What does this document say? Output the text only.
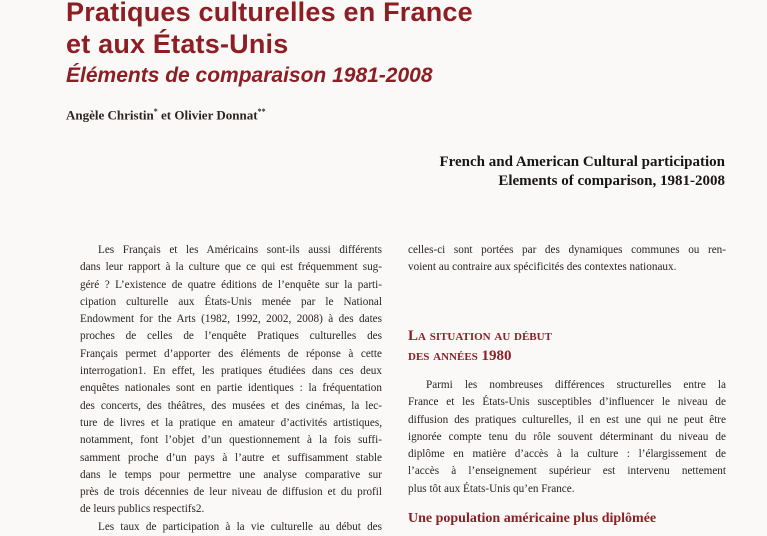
Pratiques culturelles en France
et aux États-Unis
Éléments de comparaison 1981-2008
Angèle Christin* et Olivier Donnat**
French and American Cultural participation
Elements of comparison, 1981-2008
Les Français et les Américains sont-ils aussi différents
dans leur rapport à la culture que ce qui est fréquemment sug-
géré ? L’existence de quatre éditions de l’enquête sur la parti-
cipation culturelle aux États-Unis menée par le National
Endowment for the Arts (1982, 1992, 2002, 2008) à des dates
proches de celles de l’enquête Pratiques culturelles des
Français permet d’apporter des éléments de réponse à cette
interrogation1. En effet, les pratiques étudiées dans ces deux
enquêtes nationales sont en partie identiques : la fréquentation
des concerts, des théâtres, des musées et des cinémas, la lec-
ture de livres et la pratique en amateur d’activités artistiques,
notamment, font l’objet d’un questionnement à la fois suffi-
samment proche d’un pays à l’autre et suffisamment stable
dans le temps pour permettre une analyse comparative sur
près de trois décennies de leur niveau de diffusion et du profil
de leurs publics respectifs2.
Les taux de participation à la vie culturelle au début des
celles-ci sont portées par des dynamiques communes ou ren-
voient au contraire aux spécificités des contextes nationaux.
La situation au début
des années 1980
Parmi les nombreuses différences structurelles entre la
France et les États-Unis susceptibles d’influencer le niveau de
diffusion des pratiques culturelles, il en est une qui ne peut être
ignorée compte tenu du rôle souvent déterminant du niveau de
diplôme en matière d’accès à la culture : l’élargissement de
l’accès à l’enseignement supérieur est intervenu nettement
plus tôt aux États-Unis qu’en France.
Une population américaine plus diplômée
